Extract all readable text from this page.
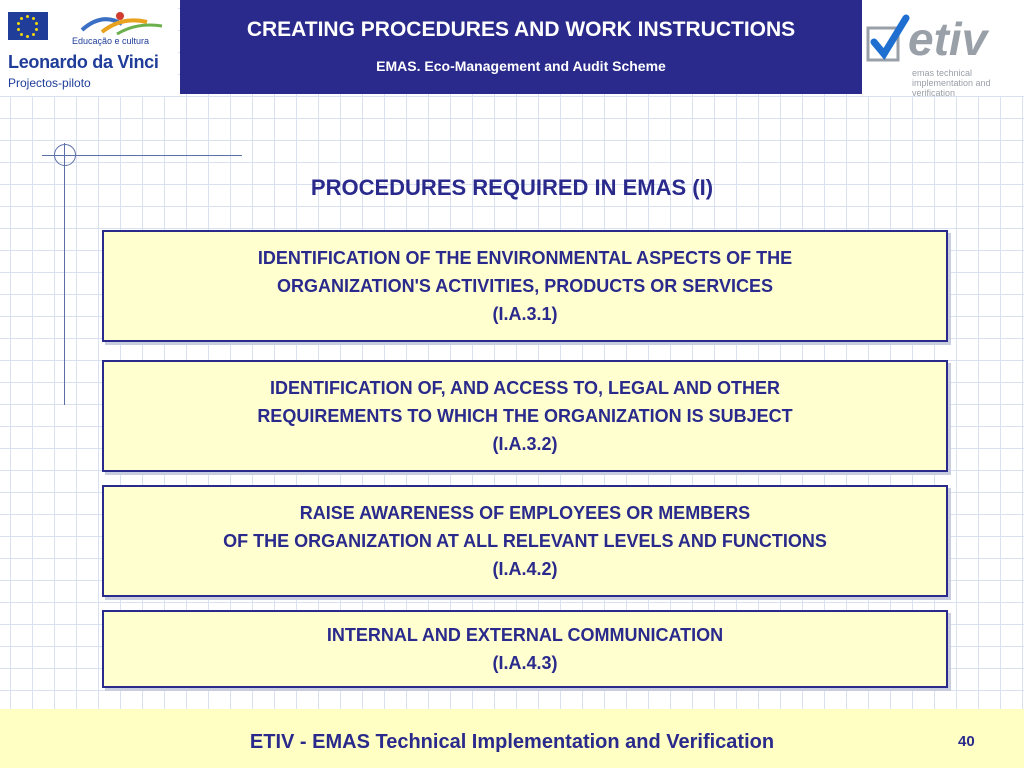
Educação e cultura
Leonardo da Vinci
Projectos-piloto
CREATING PROCEDURES AND WORK INSTRUCTIONS
EMAS. Eco-Management and Audit Scheme
etiv
emas technical implementation and verification
PROCEDURES REQUIRED IN EMAS (I)
IDENTIFICATION OF THE ENVIRONMENTAL ASPECTS OF THE
ORGANIZATION'S ACTIVITIES, PRODUCTS OR SERVICES
(I.A.3.1)
IDENTIFICATION OF, AND ACCESS TO, LEGAL AND OTHER
REQUIREMENTS TO WHICH THE ORGANIZATION IS SUBJECT
(I.A.3.2)
RAISE AWARENESS OF EMPLOYEES OR MEMBERS
OF THE ORGANIZATION AT ALL RELEVANT LEVELS AND FUNCTIONS
(I.A.4.2)
INTERNAL AND EXTERNAL COMMUNICATION
(I.A.4.3)
ETIV - EMAS Technical Implementation and Verification	40
